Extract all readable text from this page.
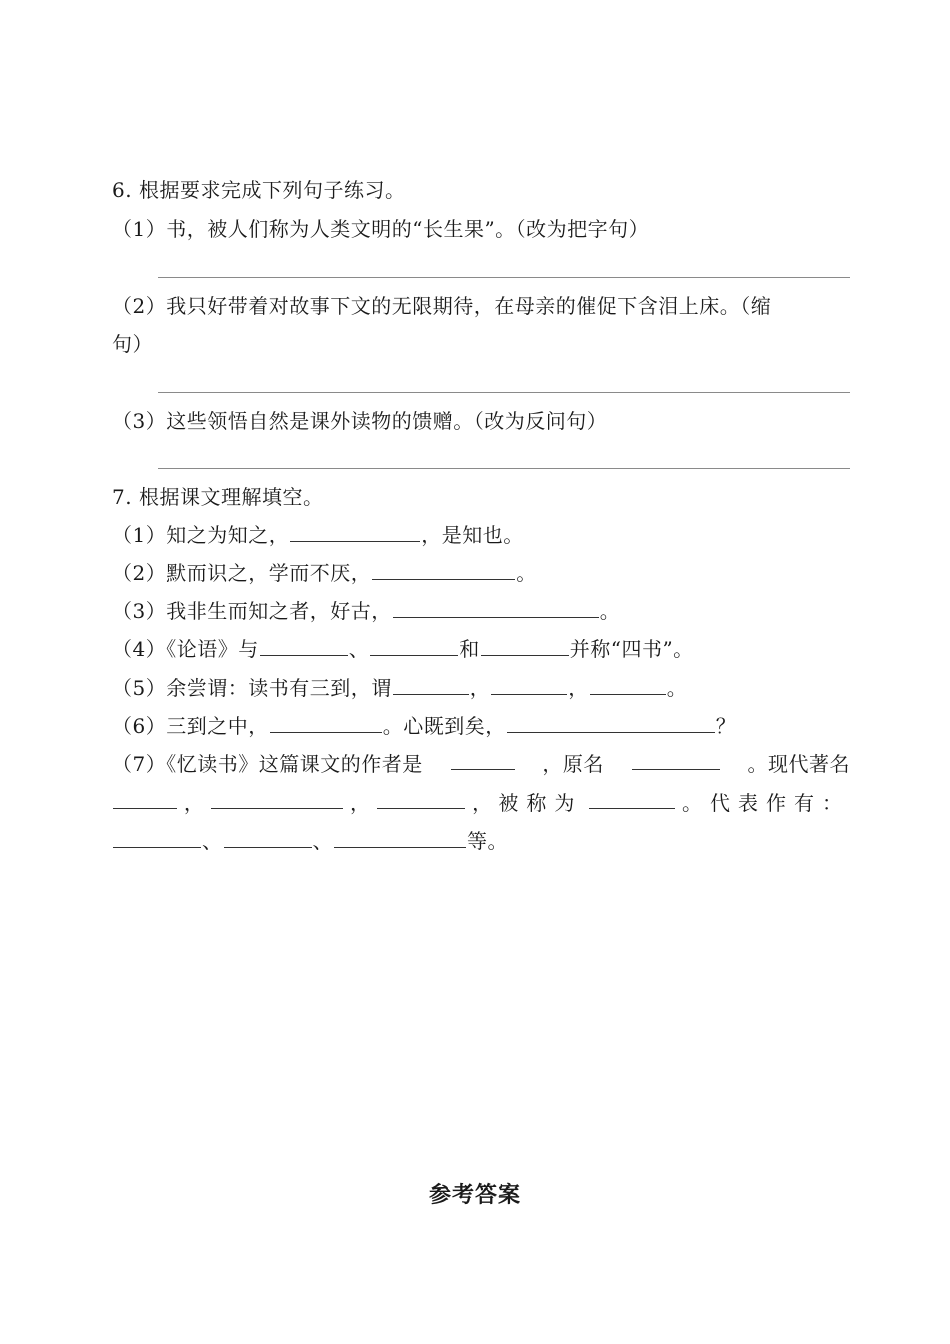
6. 根据要求完成下列句子练习。
（1）书，被人们称为人类文明的“长生果”。（改为把字句）
（2）我只好带着对故事下文的无限期待，在母亲的催促下含泪上床。（缩
句）
（3）这些领悟自然是课外读物的馈赠。（改为反问句）
7. 根据课文理解填空。
（1）知之为知之，	，是知也。
（2）默而识之，学而不厌，	。
（3）我非生而知之者，好古，	。
（4）《论语》与	、	和	并称“四书”。
（5）余尝谓：读书有三到，谓	，	，	。
（6）三到之中，	。心既到矣，	？
（7）《忆读书》这篇课文的作者是	，原名	。现代著名
，	，	， 被称为	。代表作有：
、	、	等。
参考答案
